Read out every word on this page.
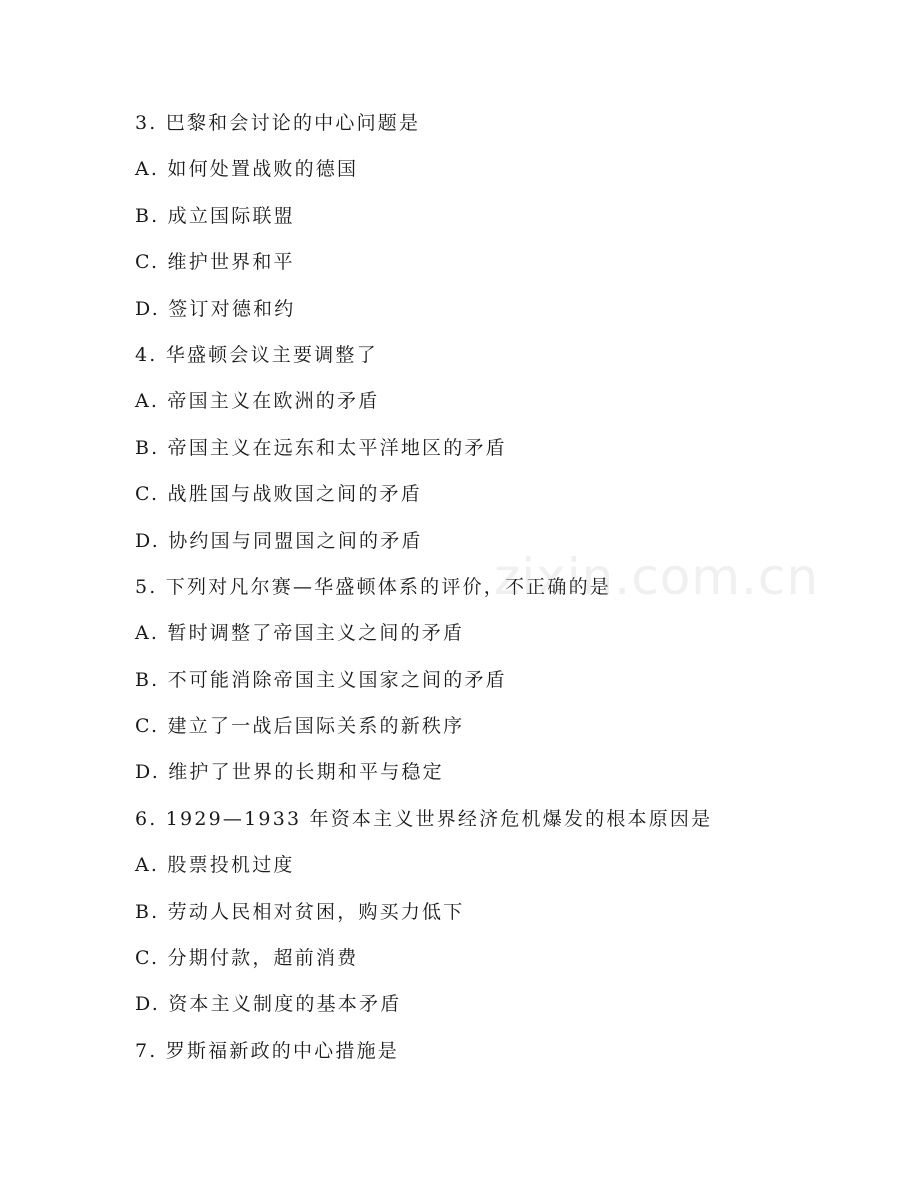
3. 巴黎和会讨论的中心问题是
A. 如何处置战败的德国
B. 成立国际联盟
C. 维护世界和平
D. 签订对德和约
4. 华盛顿会议主要调整了
A. 帝国主义在欧洲的矛盾
B. 帝国主义在远东和太平洋地区的矛盾
C. 战胜国与战败国之间的矛盾
D. 协约国与同盟国之间的矛盾
5. 下列对凡尔赛—华盛顿体系的评价，不正确的是
A. 暂时调整了帝国主义之间的矛盾
B. 不可能消除帝国主义国家之间的矛盾
C. 建立了一战后国际关系的新秩序
D. 维护了世界的长期和平与稳定
6. 1929—1933 年资本主义世界经济危机爆发的根本原因是
A. 股票投机过度
B. 劳动人民相对贫困，购买力低下
C. 分期付款，超前消费
D. 资本主义制度的基本矛盾
7. 罗斯福新政的中心措施是
zixin.com.cn
